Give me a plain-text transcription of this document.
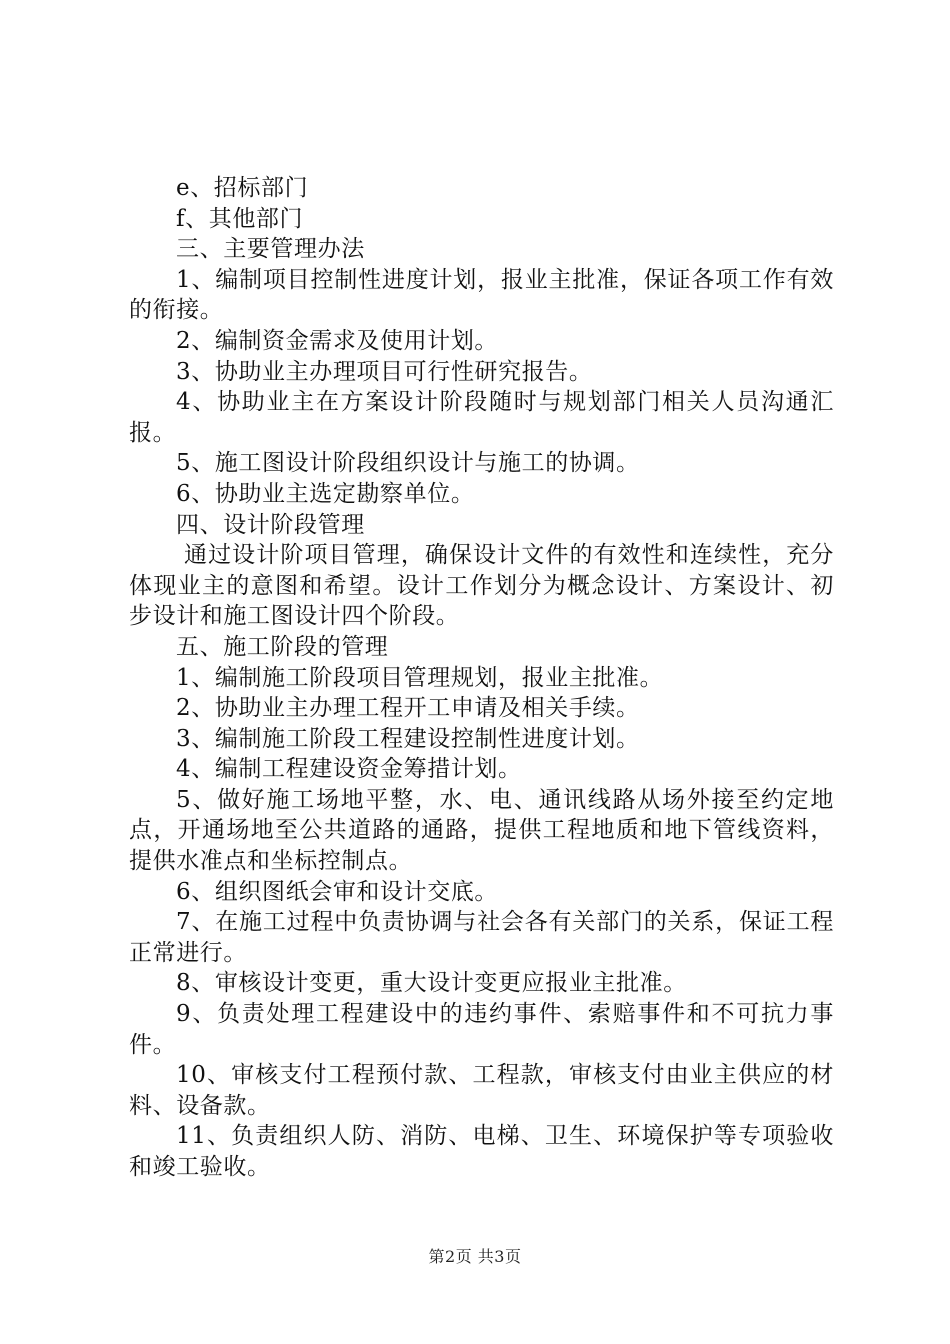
e、招标部门

f、其他部门

三、主要管理办法

1、编制项目控制性进度计划，报业主批准，保证各项工作有效的衔接。

2、编制资金需求及使用计划。

3、协助业主办理项目可行性研究报告。

4、协助业主在方案设计阶段随时与规划部门相关人员沟通汇报。

5、施工图设计阶段组织设计与施工的协调。

6、协助业主选定勘察单位。

四、设计阶段管理

通过设计阶项目管理，确保设计文件的有效性和连续性，充分体现业主的意图和希望。设计工作划分为概念设计、方案设计、初步设计和施工图设计四个阶段。

五、施工阶段的管理

1、编制施工阶段项目管理规划，报业主批准。

2、协助业主办理工程开工申请及相关手续。

3、编制施工阶段工程建设控制性进度计划。

4、编制工程建设资金筹措计划。

5、做好施工场地平整，水、电、通讯线路从场外接至约定地点，开通场地至公共道路的通路，提供工程地质和地下管线资料，提供水准点和坐标控制点。

6、组织图纸会审和设计交底。

7、在施工过程中负责协调与社会各有关部门的关系，保证工程正常进行。

8、审核设计变更，重大设计变更应报业主批准。

9、负责处理工程建设中的违约事件、索赔事件和不可抗力事件。

10、审核支付工程预付款、工程款，审核支付由业主供应的材料、设备款。

11、负责组织人防、消防、电梯、卫生、环境保护等专项验收和竣工验收。

第2页 共3页
